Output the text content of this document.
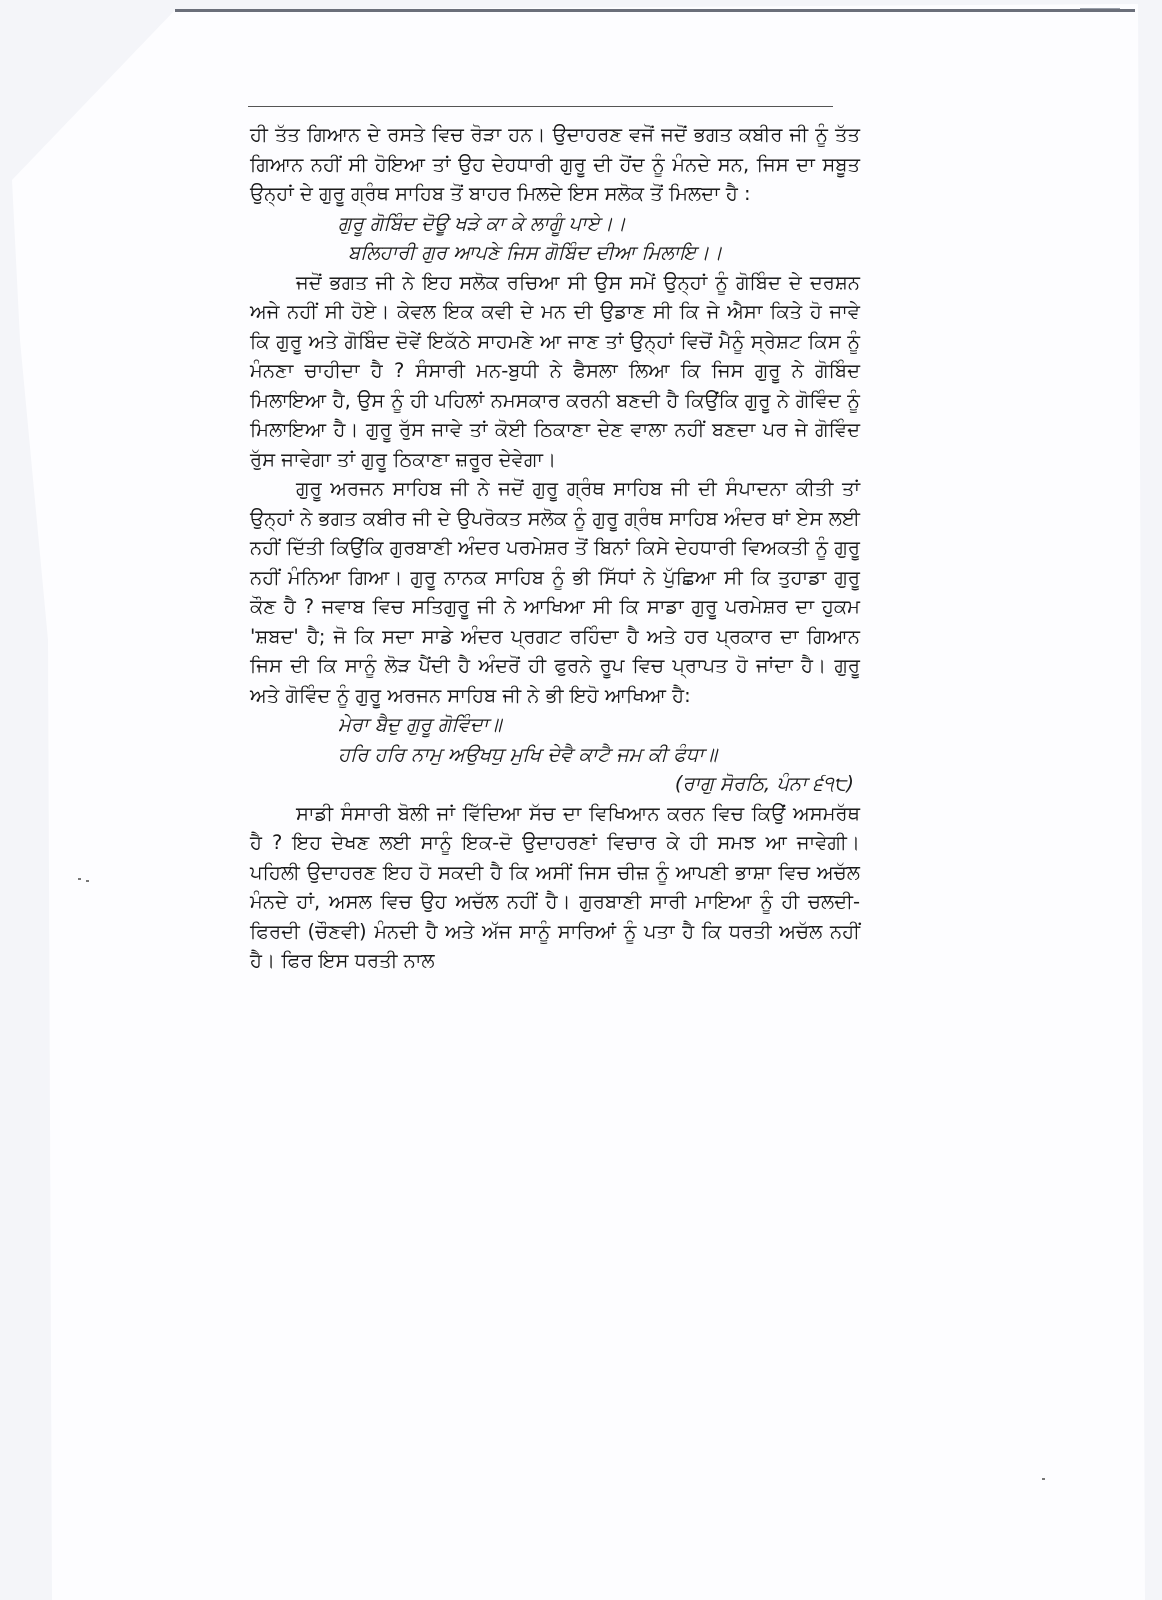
ਹੀ ਤੱਤ ਗਿਆਨ ਦੇ ਰਸਤੇ ਵਿਚ ਰੋੜਾ ਹਨ। ਉਦਾਹਰਣ ਵਜੋਂ ਜਦੋਂ ਭਗਤ ਕਬੀਰ ਜੀ ਨੂੰ ਤੱਤ ਗਿਆਨ ਨਹੀਂ ਸੀ ਹੋਇਆ ਤਾਂ ਉਹ ਦੇਹਧਾਰੀ ਗੁਰੂ ਦੀ ਹੋਂਦ ਨੂੰ ਮੰਨਦੇ ਸਨ, ਜਿਸ ਦਾ ਸਬੂਤ ਉਨ੍ਹਾਂ ਦੇ ਗੁਰੂ ਗ੍ਰੰਥ ਸਾਹਿਬ ਤੋਂ ਬਾਹਰ ਮਿਲਦੇ ਇਸ ਸਲੋਕ ਤੋਂ ਮਿਲਦਾ ਹੈ :

ਗੁਰੂ ਗੋਬਿੰਦ ਦੋਊ ਖੜੇ ਕਾ ਕੇ ਲਾਗੂੰ ਪਾਏ।।

ਬਲਿਹਾਰੀ ਗੁਰ ਆਪਣੇ ਜਿਸ ਗੋਬਿੰਦ ਦੀਆ ਮਿਲਾਇ।।

ਜਦੋਂ ਭਗਤ ਜੀ ਨੇ ਇਹ ਸਲੋਕ ਰਚਿਆ ਸੀ ਉਸ ਸਮੇਂ ਉਨ੍ਹਾਂ ਨੂੰ ਗੋਬਿੰਦ ਦੇ ਦਰਸ਼ਨ ਅਜੇ ਨਹੀਂ ਸੀ ਹੋਏ। ਕੇਵਲ ਇਕ ਕਵੀ ਦੇ ਮਨ ਦੀ ਉਡਾਣ ਸੀ ਕਿ ਜੇ ਐਸਾ ਕਿਤੇ ਹੋ ਜਾਵੇ ਕਿ ਗੁਰੂ ਅਤੇ ਗੋਬਿੰਦ ਦੋਵੇਂ ਇਕੱਠੇ ਸਾਹਮਣੇ ਆ ਜਾਣ ਤਾਂ ਉਨ੍ਹਾਂ ਵਿਚੋਂ ਮੈਨੂੰ ਸ੍ਰੇਸ਼ਟ ਕਿਸ ਨੂੰ ਮੰਨਣਾ ਚਾਹੀਦਾ ਹੈ ? ਸੰਸਾਰੀ ਮਨ-ਬੁਧੀ ਨੇ ਫੈਸਲਾ ਲਿਆ ਕਿ ਜਿਸ ਗੁਰੂ ਨੇ ਗੋਬਿੰਦ ਮਿਲਾਇਆ ਹੈ, ਉਸ ਨੂੰ ਹੀ ਪਹਿਲਾਂ ਨਮਸਕਾਰ ਕਰਨੀ ਬਣਦੀ ਹੈ ਕਿਉਂਕਿ ਗੁਰੂ ਨੇ ਗੋਵਿੰਦ ਨੂੰ ਮਿਲਾਇਆ ਹੈ। ਗੁਰੂ ਰੁੱਸ ਜਾਵੇ ਤਾਂ ਕੋਈ ਠਿਕਾਣਾ ਦੇਣ ਵਾਲਾ ਨਹੀਂ ਬਣਦਾ ਪਰ ਜੇ ਗੋਵਿੰਦ ਰੁੱਸ ਜਾਵੇਗਾ ਤਾਂ ਗੁਰੂ ਠਿਕਾਣਾ ਜ਼ਰੂਰ ਦੇਵੇਗਾ।

ਗੁਰੂ ਅਰਜਨ ਸਾਹਿਬ ਜੀ ਨੇ ਜਦੋਂ ਗੁਰੂ ਗ੍ਰੰਥ ਸਾਹਿਬ ਜੀ ਦੀ ਸੰਪਾਦਨਾ ਕੀਤੀ ਤਾਂ ਉਨ੍ਹਾਂ ਨੇ ਭਗਤ ਕਬੀਰ ਜੀ ਦੇ ਉਪਰੋਕਤ ਸਲੋਕ ਨੂੰ ਗੁਰੂ ਗ੍ਰੰਥ ਸਾਹਿਬ ਅੰਦਰ ਥਾਂ ਏਸ ਲਈ ਨਹੀਂ ਦਿੱਤੀ ਕਿਉਂਕਿ ਗੁਰਬਾਣੀ ਅੰਦਰ ਪਰਮੇਸ਼ਰ ਤੋਂ ਬਿਨਾਂ ਕਿਸੇ ਦੇਹਧਾਰੀ ਵਿਅਕਤੀ ਨੂੰ ਗੁਰੂ ਨਹੀਂ ਮੰਨਿਆ ਗਿਆ। ਗੁਰੂ ਨਾਨਕ ਸਾਹਿਬ ਨੂੰ ਭੀ ਸਿੱਧਾਂ ਨੇ ਪੁੱਛਿਆ ਸੀ ਕਿ ਤੁਹਾਡਾ ਗੁਰੂ ਕੌਣ ਹੈ ? ਜਵਾਬ ਵਿਚ ਸਤਿਗੁਰੂ ਜੀ ਨੇ ਆਖਿਆ ਸੀ ਕਿ ਸਾਡਾ ਗੁਰੂ ਪਰਮੇਸ਼ਰ ਦਾ ਹੁਕਮ 'ਸ਼ਬਦ' ਹੈ; ਜੋ ਕਿ ਸਦਾ ਸਾਡੇ ਅੰਦਰ ਪ੍ਰਗਟ ਰਹਿੰਦਾ ਹੈ ਅਤੇ ਹਰ ਪ੍ਰਕਾਰ ਦਾ ਗਿਆਨ ਜਿਸ ਦੀ ਕਿ ਸਾਨੂੰ ਲੋੜ ਪੈਂਦੀ ਹੈ ਅੰਦਰੋਂ ਹੀ ਫੁਰਨੇ ਰੂਪ ਵਿਚ ਪ੍ਰਾਪਤ ਹੋ ਜਾਂਦਾ ਹੈ। ਗੁਰੂ ਅਤੇ ਗੋਵਿੰਦ ਨੂੰ ਗੁਰੂ ਅਰਜਨ ਸਾਹਿਬ ਜੀ ਨੇ ਭੀ ਇਹੋ ਆਖਿਆ ਹੈ:

ਮੇਰਾ ਬੈਦੁ ਗੁਰੂ ਗੋਵਿੰਦਾ॥

ਹਰਿ ਹਰਿ ਨਾਮੁ ਅਉਖਧੁ ਮੁਖਿ ਦੇਵੈ ਕਾਟੈ ਜਮ ਕੀ ਫੰਧਾ॥

(ਰਾਗੁ ਸੋਰਠਿ, ਪੰਨਾ ੬੧੮)

ਸਾਡੀ ਸੰਸਾਰੀ ਬੋਲੀ ਜਾਂ ਵਿੱਦਿਆ ਸੱਚ ਦਾ ਵਿਖਿਆਨ ਕਰਨ ਵਿਚ ਕਿਉਂ ਅਸਮਰੱਥ ਹੈ ? ਇਹ ਦੇਖਣ ਲਈ ਸਾਨੂੰ ਇਕ-ਦੋ ਉਦਾਹਰਣਾਂ ਵਿਚਾਰ ਕੇ ਹੀ ਸਮਝ ਆ ਜਾਵੇਗੀ। ਪਹਿਲੀ ਉਦਾਹਰਣ ਇਹ ਹੋ ਸਕਦੀ ਹੈ ਕਿ ਅਸੀਂ ਜਿਸ ਚੀਜ਼ ਨੂੰ ਆਪਣੀ ਭਾਸ਼ਾ ਵਿਚ ਅਚੱਲ ਮੰਨਦੇ ਹਾਂ, ਅਸਲ ਵਿਚ ਉਹ ਅਚੱਲ ਨਹੀਂ ਹੈ। ਗੁਰਬਾਣੀ ਸਾਰੀ ਮਾਇਆ ਨੂੰ ਹੀ ਚਲਦੀ-ਫਿਰਦੀ (ਚੌਣਵੀ) ਮੰਨਦੀ ਹੈ ਅਤੇ ਅੱਜ ਸਾਨੂੰ ਸਾਰਿਆਂ ਨੂੰ ਪਤਾ ਹੈ ਕਿ ਧਰਤੀ ਅਚੱਲ ਨਹੀਂ ਹੈ। ਫਿਰ ਇਸ ਧਰਤੀ ਨਾਲ
